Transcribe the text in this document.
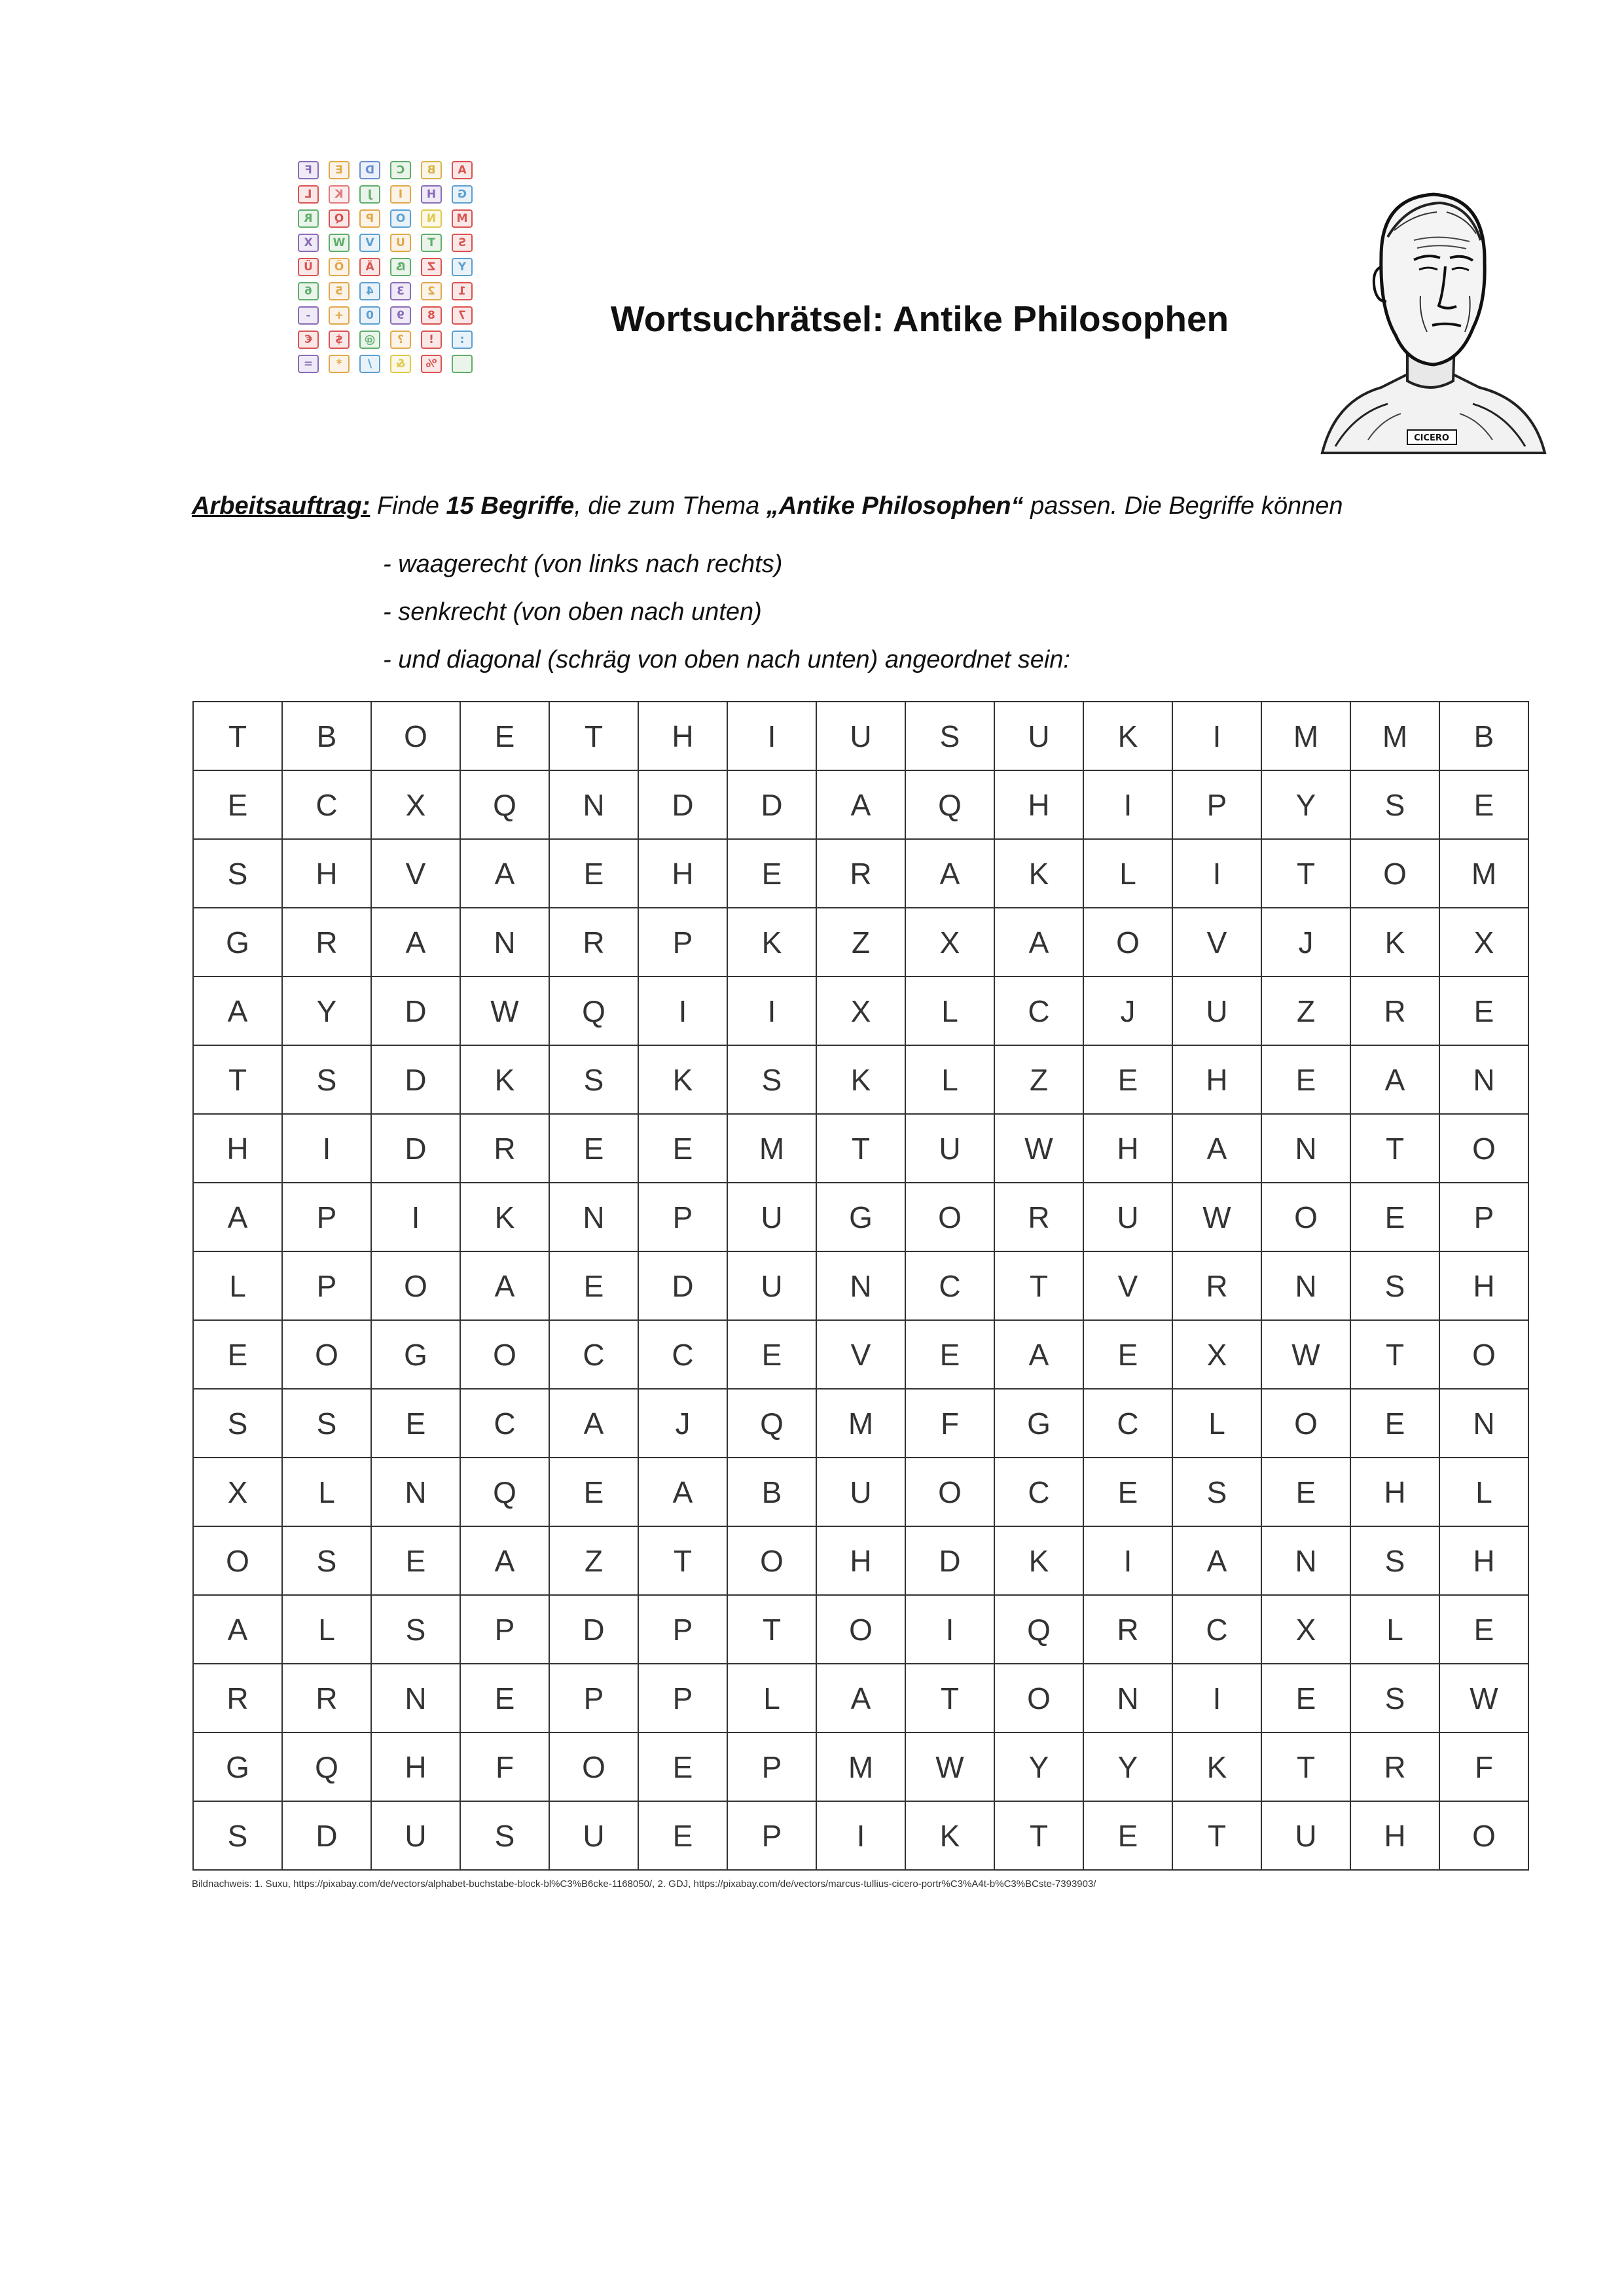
F	E	D	C	B	A
L	K	J	I	H	G
R	Q	P	O	N	M
X	W	V	U	T	S
Ü	Ö	Ä	ẞ	Z	Y
6	5	4	3	2	1
-	+	0	9	8	7
€	$	@	?	!	:
=	*	/	&	%
Wortsuchrätsel: Antike Philosophen
CICERO
Arbeitsauftrag: Finde 15 Begriffe, die zum Thema „Antike Philosophen“ passen. Die Begriffe können
- waagerecht (von links nach rechts)
- senkrecht (von oben nach unten)
- und diagonal (schräg von oben nach unten) angeordnet sein:
T	B	O	E	T	H	I	U	S	U	K	I	M	M	B
E	C	X	Q	N	D	D	A	Q	H	I	P	Y	S	E
S	H	V	A	E	H	E	R	A	K	L	I	T	O	M
G	R	A	N	R	P	K	Z	X	A	O	V	J	K	X
A	Y	D	W	Q	I	I	X	L	C	J	U	Z	R	E
T	S	D	K	S	K	S	K	L	Z	E	H	E	A	N
H	I	D	R	E	E	M	T	U	W	H	A	N	T	O
A	P	I	K	N	P	U	G	O	R	U	W	O	E	P
L	P	O	A	E	D	U	N	C	T	V	R	N	S	H
E	O	G	O	C	C	E	V	E	A	E	X	W	T	O
S	S	E	C	A	J	Q	M	F	G	C	L	O	E	N
X	L	N	Q	E	A	B	U	O	C	E	S	E	H	L
O	S	E	A	Z	T	O	H	D	K	I	A	N	S	H
A	L	S	P	D	P	T	O	I	Q	R	C	X	L	E
R	R	N	E	P	P	L	A	T	O	N	I	E	S	W
G	Q	H	F	O	E	P	M	W	Y	Y	K	T	R	F
S	D	U	S	U	E	P	I	K	T	E	T	U	H	O
Bildnachweis: 1. Suxu, https://pixabay.com/de/vectors/alphabet-buchstabe-block-bl%C3%B6cke-1168050/, 2. GDJ, https://pixabay.com/de/vectors/marcus-tullius-cicero-portr%C3%A4t-b%C3%BCste-7393903/
